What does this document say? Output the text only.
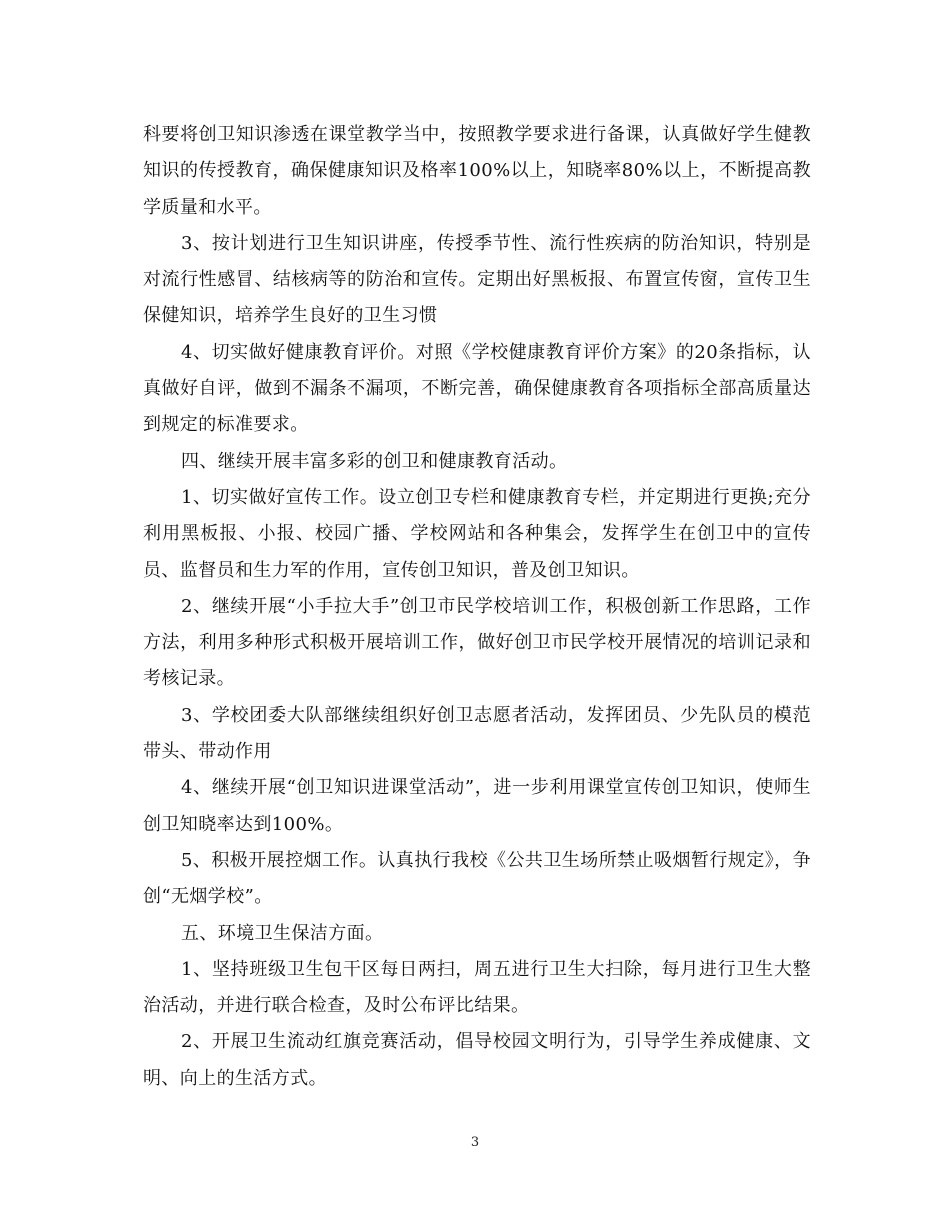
科要将创卫知识渗透在课堂教学当中，按照教学要求进行备课，认真做好学生健教知识的传授教育，确保健康知识及格率100%以上，知晓率80%以上，不断提高教学质量和水平。

3、按计划进行卫生知识讲座，传授季节性、流行性疾病的防治知识，特别是对流行性感冒、结核病等的防治和宣传。定期出好黑板报、布置宣传窗，宣传卫生保健知识，培养学生良好的卫生习惯

4、切实做好健康教育评价。对照《学校健康教育评价方案》的20条指标，认真做好自评，做到不漏条不漏项，不断完善，确保健康教育各项指标全部高质量达到规定的标准要求。

四、继续开展丰富多彩的创卫和健康教育活动。

1、切实做好宣传工作。设立创卫专栏和健康教育专栏，并定期进行更换;充分利用黑板报、小报、校园广播、学校网站和各种集会，发挥学生在创卫中的宣传员、监督员和生力军的作用，宣传创卫知识，普及创卫知识。

2、继续开展“小手拉大手”创卫市民学校培训工作，积极创新工作思路，工作方法，利用多种形式积极开展培训工作，做好创卫市民学校开展情况的培训记录和考核记录。

3、学校团委大队部继续组织好创卫志愿者活动，发挥团员、少先队员的模范带头、带动作用

4、继续开展“创卫知识进课堂活动”，进一步利用课堂宣传创卫知识，使师生创卫知晓率达到100%。

5、积极开展控烟工作。认真执行我校《公共卫生场所禁止吸烟暂行规定》，争创“无烟学校”。

五、环境卫生保洁方面。

1、坚持班级卫生包干区每日两扫，周五进行卫生大扫除，每月进行卫生大整治活动，并进行联合检查，及时公布评比结果。

2、开展卫生流动红旗竞赛活动，倡导校园文明行为，引导学生养成健康、文明、向上的生活方式。

3
